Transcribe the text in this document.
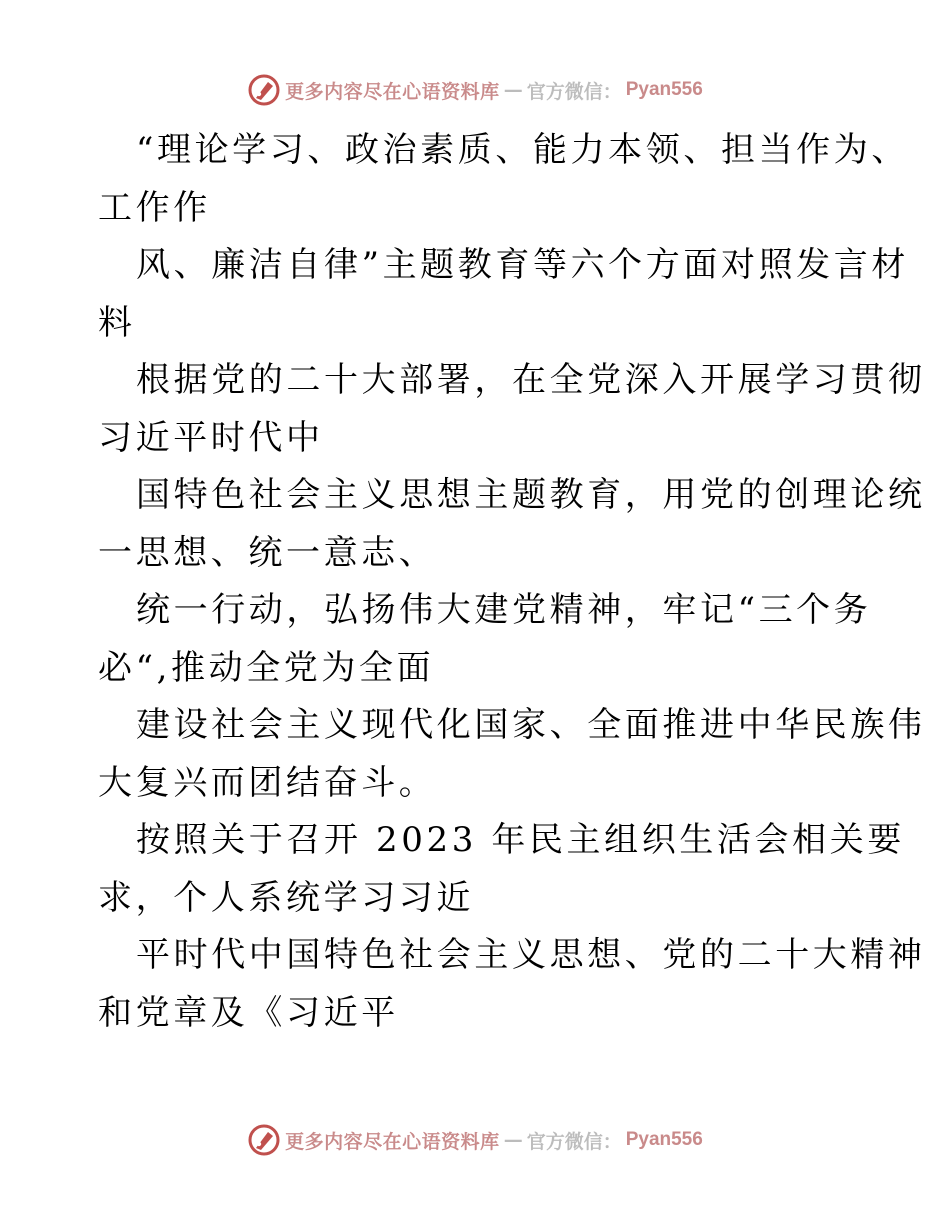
更多内容尽在心语资料库 — 官方微信： Pyan556
“理论学习、政治素质、能力本领、担当作为、
工作作
风、廉洁自律”主题教育等六个方面对照发言材
料
根据党的二十大部署，在全党深入开展学习贯彻
习近平时代中
国特色社会主义思想主题教育，用党的创理论统
一思想、统一意志、
统一行动，弘扬伟大建党精神，牢记“三个务
必“,推动全党为全面
建设社会主义现代化国家、全面推进中华民族伟
大复兴而团结奋斗。
按照关于召开 2023 年民主组织生活会相关要
求，个人系统学习习近
平时代中国特色社会主义思想、党的二十大精神
和党章及《习近平
更多内容尽在心语资料库 — 官方微信： Pyan556
